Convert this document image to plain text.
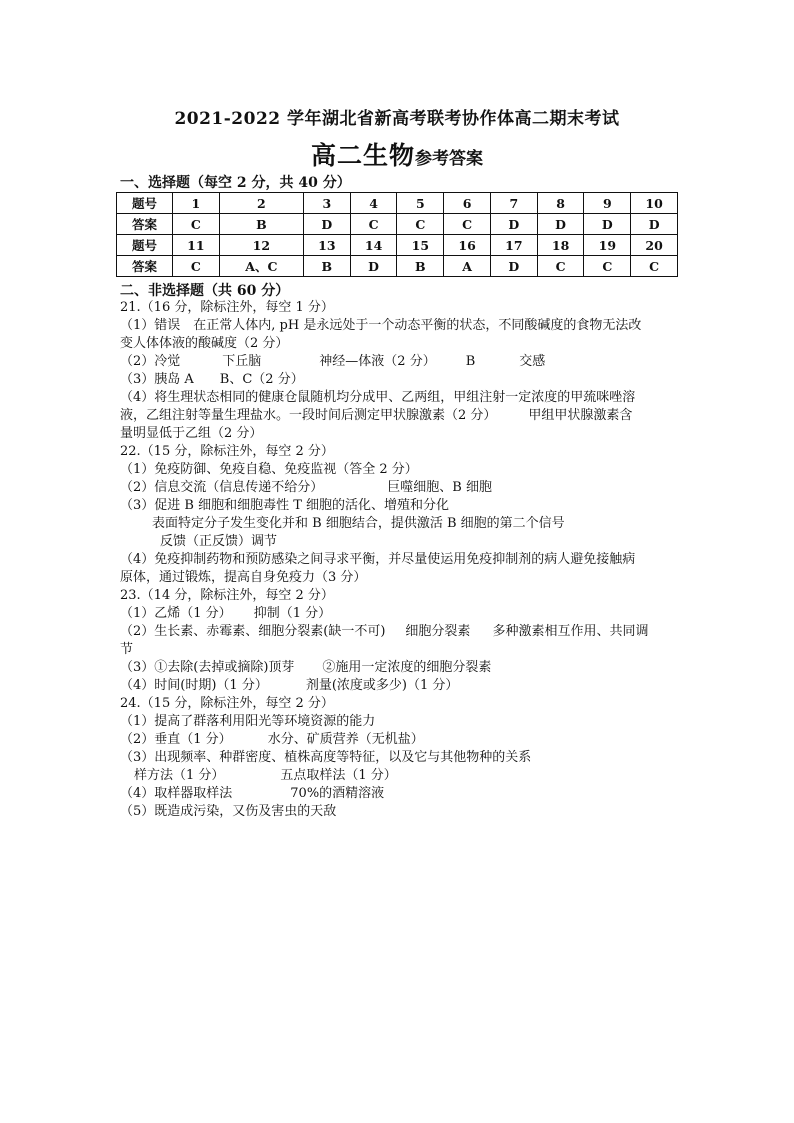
2021-2022 学年湖北省新高考联考协作体高二期末考试
高二生物参考答案
一、选择题（每空 2 分，共 40 分）
题号	1	2	3	4	5	6	7	8	9	10
答案	C	B	D	C	C	C	D	D	D	D
题号	11	12	13	14	15	16	17	18	19	20
答案	C	A、C	B	D	B	A	D	C	C	C
二、非选择题（共 60 分）
21.（16 分，除标注外，每空 1 分）
（1）错误　在正常人体内, pH 是永远处于一个动态平衡的状态，不同酸碱度的食物无法改
变人体体液的酸碱度（2 分）
（2）冷觉	下丘脑	神经—体液（2 分） B	交感
（3）胰岛 A B、C（2 分）
（4）将生理状态相同的健康仓鼠随机均分成甲、乙两组，甲组注射一定浓度的甲巯咪唑溶
液，乙组注射等量生理盐水。一段时间后测定甲状腺激素（2 分） 甲组甲状腺激素含
量明显低于乙组（2 分）
22.（15 分，除标注外，每空 2 分）
（1）免疫防御、免疫自稳、免疫监视（答全 2 分）
（2）信息交流（信息传递不给分）	巨噬细胞、B 细胞
（3）促进 B 细胞和细胞毒性 T 细胞的活化、增殖和分化
表面特定分子发生变化并和 B 细胞结合，提供激活 B 细胞的第二个信号
反馈（正反馈）调节
（4）免疫抑制药物和预防感染之间寻求平衡，并尽量使运用免疫抑制剂的病人避免接触病
原体，通过锻炼，提高自身免疫力（3 分）
23.（14 分，除标注外，每空 2 分）
（1）乙烯（1 分） 抑制（1 分）
（2）生长素、赤霉素、细胞分裂素(缺一不可) 细胞分裂素 多种激素相互作用、共同调
节
（3）①去除(去掉或摘除)顶芽 ②施用一定浓度的细胞分裂素
（4）时间(时期)（1 分）	剂量(浓度或多少)（1 分）
24.（15 分，除标注外，每空 2 分）
（1）提高了群落利用阳光等环境资源的能力
（2）垂直（1 分）	水分、矿质营养（无机盐）
（3）出现频率、种群密度、植株高度等特征，以及它与其他物种的关系
样方法（1 分）	五点取样法（1 分）
（4）取样器取样法	70%的酒精溶液
（5）既造成污染，又伤及害虫的天敌
